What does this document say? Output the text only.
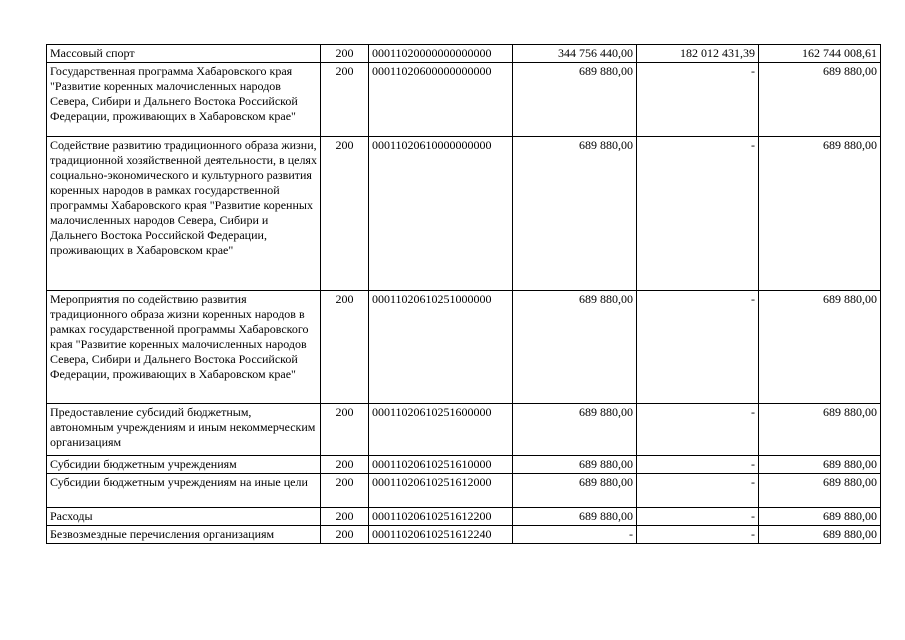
Массовый спорт	200	00011020000000000000	344 756 440,00	182 012 431,39	162 744 008,61
Государственная программа Хабаровского края "Развитие коренных малочисленных народов Севера, Сибири и Дальнего Востока Российской Федерации, проживающих в Хабаровском крае"	200	00011020600000000000	689 880,00	-	689 880,00
Содействие развитию традиционного образа жизни, традиционной хозяйственной деятельности, в целях социально-экономического и культурного развития коренных народов в рамках государственной программы Хабаровского края "Развитие коренных малочисленных народов Севера, Сибири и Дальнего Востока Российской Федерации, проживающих в Хабаровском крае"	200	00011020610000000000	689 880,00	-	689 880,00
Мероприятия по содействию развития традиционного образа жизни коренных народов в рамках государственной программы Хабаровского края "Развитие коренных малочисленных народов Севера, Сибири и Дальнего Востока Российской Федерации, проживающих в Хабаровском крае"	200	00011020610251000000	689 880,00	-	689 880,00
Предоставление субсидий бюджетным, автономным учреждениям и иным некоммерческим организациям	200	00011020610251600000	689 880,00	-	689 880,00
Субсидии бюджетным учреждениям	200	00011020610251610000	689 880,00	-	689 880,00
Субсидии бюджетным учреждениям на иные цели	200	00011020610251612000	689 880,00	-	689 880,00
Расходы	200	00011020610251612200	689 880,00	-	689 880,00
Безвозмездные перечисления организациям	200	00011020610251612240	-	-	689 880,00
